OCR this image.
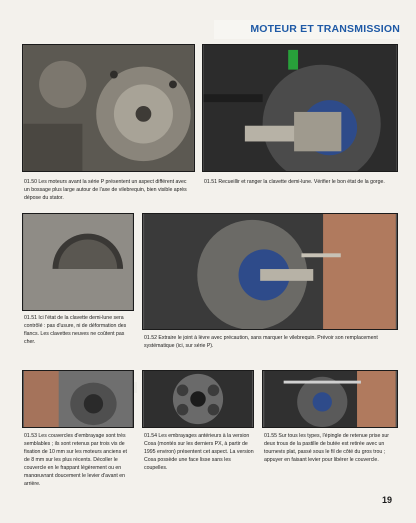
MOTEUR ET TRANSMISSION

01.50 Les moteurs avant la série P présentent un aspect différent avec un bossage plus large autour de l'axe de vilebrequin, bien visible après dépose du stator.

01.51 Recueillir et ranger la clavette demi-lune. Vérifier le bon état de la gorge.

01.51 Ici l'état de la clavette demi-lune sera contrôlé : pas d'usure, ni de déformation des flancs. Les clavettes neuves ne coûtent pas cher.

01.52 Extraire le joint à lèvre avec précaution, sans marquer le vilebrequin. Prévoir son remplacement systématique (ici, sur série P).

01.53 Les couvercles d'embrayage sont très semblables ; ils sont retenus par trois vis de fixation de 10 mm sur les moteurs anciens et de 8 mm sur les plus récents. Décoller le couvercle en le frappant légèrement ou en manœuvrant doucement le levier d'avant en arrière.

01.54 Les embrayages antérieurs à la version Cosa (montés sur les derniers PX, à partir de 1995 environ) présentent cet aspect. La version Cosa possède une face lisse sans les coupelles.

01.55 Sur tous les types, l'épingle de retenue prise sur deux trous de la pastille de butée est retirée avec un tournevis plat, passé sous le fil de côté du gros trou ; appuyer en faisant levier pour libérer le couvercle.

19
